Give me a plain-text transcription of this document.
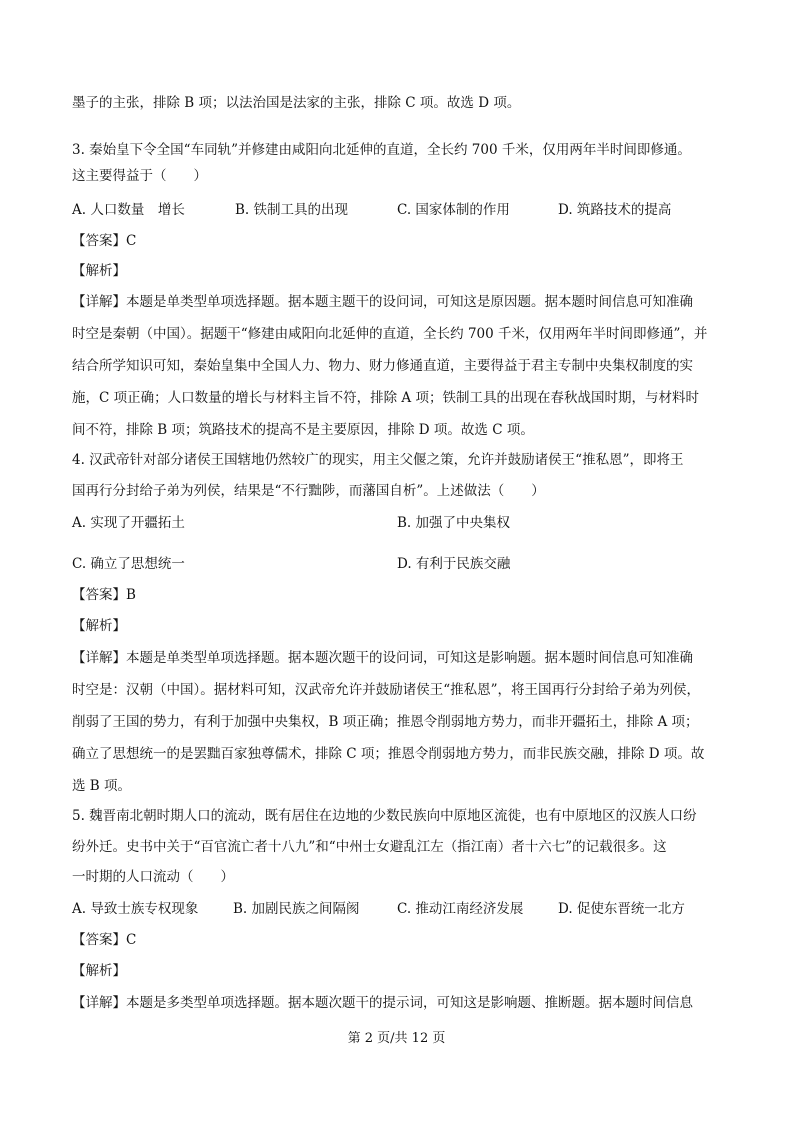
墨子的主张，排除 B 项；以法治国是法家的主张，排除 C 项。故选 D 项。
3. 秦始皇下令全国“车同轨”并修建由咸阳向北延伸的直道，全长约 700 千米，仅用两年半时间即修通。
这主要得益于（　　）
A. 人口数量　增长	B. 铁制工具的出现	C. 国家体制的作用	D. 筑路技术的提高
【答案】C
【解析】
【详解】本题是单类型单项选择题。据本题主题干的设问词，可知这是原因题。据本题时间信息可知准确
时空是秦朝（中国）。据题干“修建由咸阳向北延伸的直道，全长约 700 千米，仅用两年半时间即修通”，并
结合所学知识可知，秦始皇集中全国人力、物力、财力修通直道，主要得益于君主专制中央集权制度的实
施，C 项正确；人口数量的增长与材料主旨不符，排除 A 项；铁制工具的出现在春秋战国时期，与材料时
间不符，排除 B 项；筑路技术的提高不是主要原因，排除 D 项。故选 C 项。
4. 汉武帝针对部分诸侯王国辖地仍然较广的现实，用主父偃之策，允许并鼓励诸侯王“推私恩”，即将王
国再行分封给子弟为列侯，结果是“不行黜陟，而藩国自析”。上述做法（　　）
A. 实现了开疆拓土	B. 加强了中央集权
C. 确立了思想统一	D. 有利于民族交融
【答案】B
【解析】
【详解】本题是单类型单项选择题。据本题次题干的设问词，可知这是影响题。据本题时间信息可知准确
时空是：汉朝（中国）。据材料可知，汉武帝允许并鼓励诸侯王“推私恩”，将王国再行分封给子弟为列侯，
削弱了王国的势力，有利于加强中央集权，B 项正确；推恩令削弱地方势力，而非开疆拓土，排除 A 项；
确立了思想统一的是罢黜百家独尊儒术，排除 C 项；推恩令削弱地方势力，而非民族交融，排除 D 项。故
选 B 项。
5. 魏晋南北朝时期人口的流动，既有居住在边地的少数民族向中原地区流徙，也有中原地区的汉族人口纷
纷外迁。史书中关于“百官流亡者十八九”和“中州士女避乱江左（指江南）者十六七”的记载很多。这
一时期的人口流动（　　）
A. 导致士族专权现象	B. 加剧民族之间隔阂	C. 推动江南经济发展	D. 促使东晋统一北方
【答案】C
【解析】
【详解】本题是多类型单项选择题。据本题次题干的提示词，可知这是影响题、推断题。据本题时间信息
第 2 页/共 12 页
